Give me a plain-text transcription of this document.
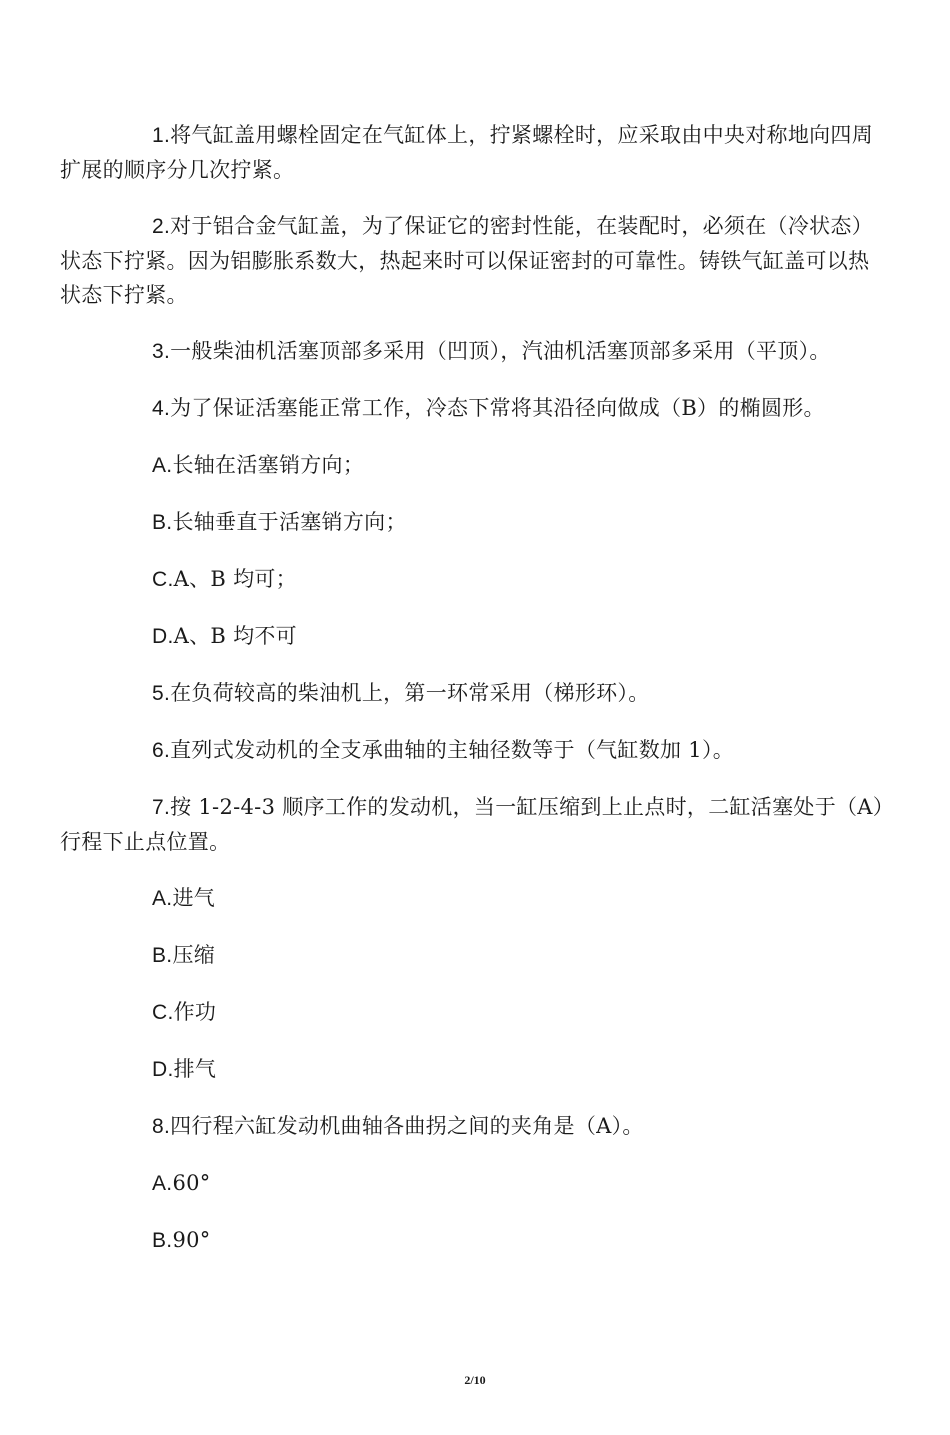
1.将气缸盖用螺栓固定在气缸体上，拧紧螺栓时，应采取由中央对称地向四周扩展的顺序分几次拧紧。

2.对于铝合金气缸盖，为了保证它的密封性能，在装配时，必须在（冷状态）状态下拧紧。因为铝膨胀系数大，热起来时可以保证密封的可靠性。铸铁气缸盖可以热状态下拧紧。

3.一般柴油机活塞顶部多采用（凹顶），汽油机活塞顶部多采用（平顶）。

4.为了保证活塞能正常工作，冷态下常将其沿径向做成（B）的椭圆形。

A.长轴在活塞销方向；

B.长轴垂直于活塞销方向；

C.A、B 均可；

D.A、B 均不可

5.在负荷较高的柴油机上，第一环常采用（梯形环）。

6.直列式发动机的全支承曲轴的主轴径数等于（气缸数加 1）。

7.按 1-2-4-3 顺序工作的发动机，当一缸压缩到上止点时，二缸活塞处于（A）行程下止点位置。

A.进气

B.压缩

C.作功

D.排气

8.四行程六缸发动机曲轴各曲拐之间的夹角是（A）。

A.60°

B.90°

2/10
